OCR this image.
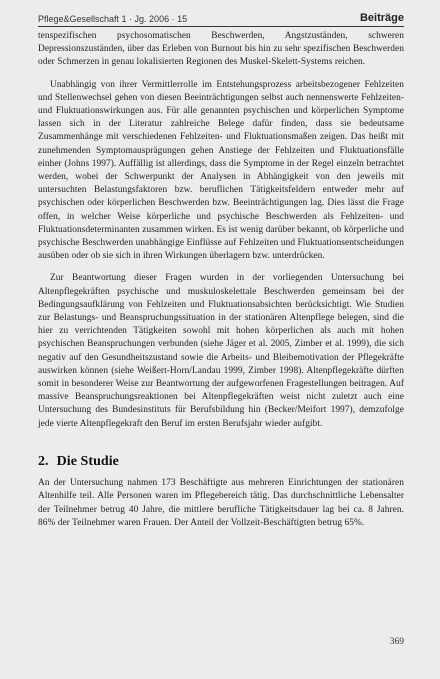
Pflege&Gesellschaft 1 · Jg. 2006 · 15	Beiträge

tenspezifischen psychosomatischen Beschwerden, Angstzuständen, schweren Depressionszuständen, über das Erleben von Burnout bis hin zu sehr spezifischen Beschwerden oder Schmerzen in genau lokalisierten Regionen des Muskel-Skelett-Systems reichen.

Unabhängig von ihrer Vermittlerrolle im Entstehungsprozess arbeitsbezogener Fehlzeiten und Stellenwechsel gehen von diesen Beeinträchtigungen selbst auch nennenswerte Fehlzeiten- und Fluktuationswirkungen aus. Für alle genannten psychischen und körperlichen Symptome lassen sich in der Literatur zahlreiche Belege dafür finden, dass sie bedeutsame Zusammenhänge mit verschiedenen Fehlzeiten- und Fluktuationsmaßen zeigen. Das heißt mit zunehmenden Symptomausprägungen gehen Anstiege der Fehlzeiten und Fluktuationsfälle einher (Johns 1997). Auffällig ist allerdings, dass die Symptome in der Regel einzeln betrachtet werden, wobei der Schwerpunkt der Analysen in Abhängigkeit von den jeweils mit untersuchten Belastungsfaktoren bzw. beruflichen Tätigkeitsfeldern entweder mehr auf psychischen oder körperlichen Beschwerden bzw. Beeinträchtigungen lag. Dies lässt die Frage offen, in welcher Weise körperliche und psychische Beschwerden als Fehlzeiten- und Fluktuationsdeterminanten zusammen wirken. Es ist wenig darüber bekannt, ob körperliche und psychische Beschwerden unabhängige Einflüsse auf Fehlzeiten und Fluktuationsentscheidungen ausüben oder ob sie sich in ihren Wirkungen überlagern bzw. unterdrücken.

Zur Beantwortung dieser Fragen wurden in der vorliegenden Untersuchung bei Altenpflegekräften psychische und muskuloskelettale Beschwerden gemeinsam bei der Bedingungsaufklärung von Fehlzeiten und Fluktuationsabsichten berücksichtigt. Wie Studien zur Belastungs- und Beanspruchungssituation in der stationären Altenpflege belegen, sind die hier zu verrichtenden Tätigkeiten sowohl mit hohen körperlichen als auch mit hohen psychischen Beanspruchungen verbunden (siehe Jäger et al. 2005, Zimber et al. 1999), die sich negativ auf den Gesundheitszustand sowie die Arbeits- und Bleibemotivation der Pflegekräfte auswirken können (siehe Weißert-Horn/Landau 1999, Zimber 1998). Altenpflegekräfte dürften somit in besonderer Weise zur Beantwortung der aufgeworfenen Fragestellungen beitragen. Auf massive Beanspruchungsreaktionen bei Altenpflegekräften weist nicht zuletzt auch eine Untersuchung des Bundesinstituts für Berufsbildung hin (Becker/Meifort 1997), demzufolge jede vierte Altenpflegekraft den Beruf im ersten Berufsjahr wieder aufgibt.

2. Die Studie

An der Untersuchung nahmen 173 Beschäftigte aus mehreren Einrichtungen der stationären Altenhilfe teil. Alle Personen waren im Pflegebereich tätig. Das durchschnittliche Lebensalter der Teilnehmer betrug 40 Jahre, die mittlere berufliche Tätigkeitsdauer lag bei ca. 8 Jahren. 86% der Teilnehmer waren Frauen. Der Anteil der Vollzeit-Beschäftigten betrug 65%.

369
